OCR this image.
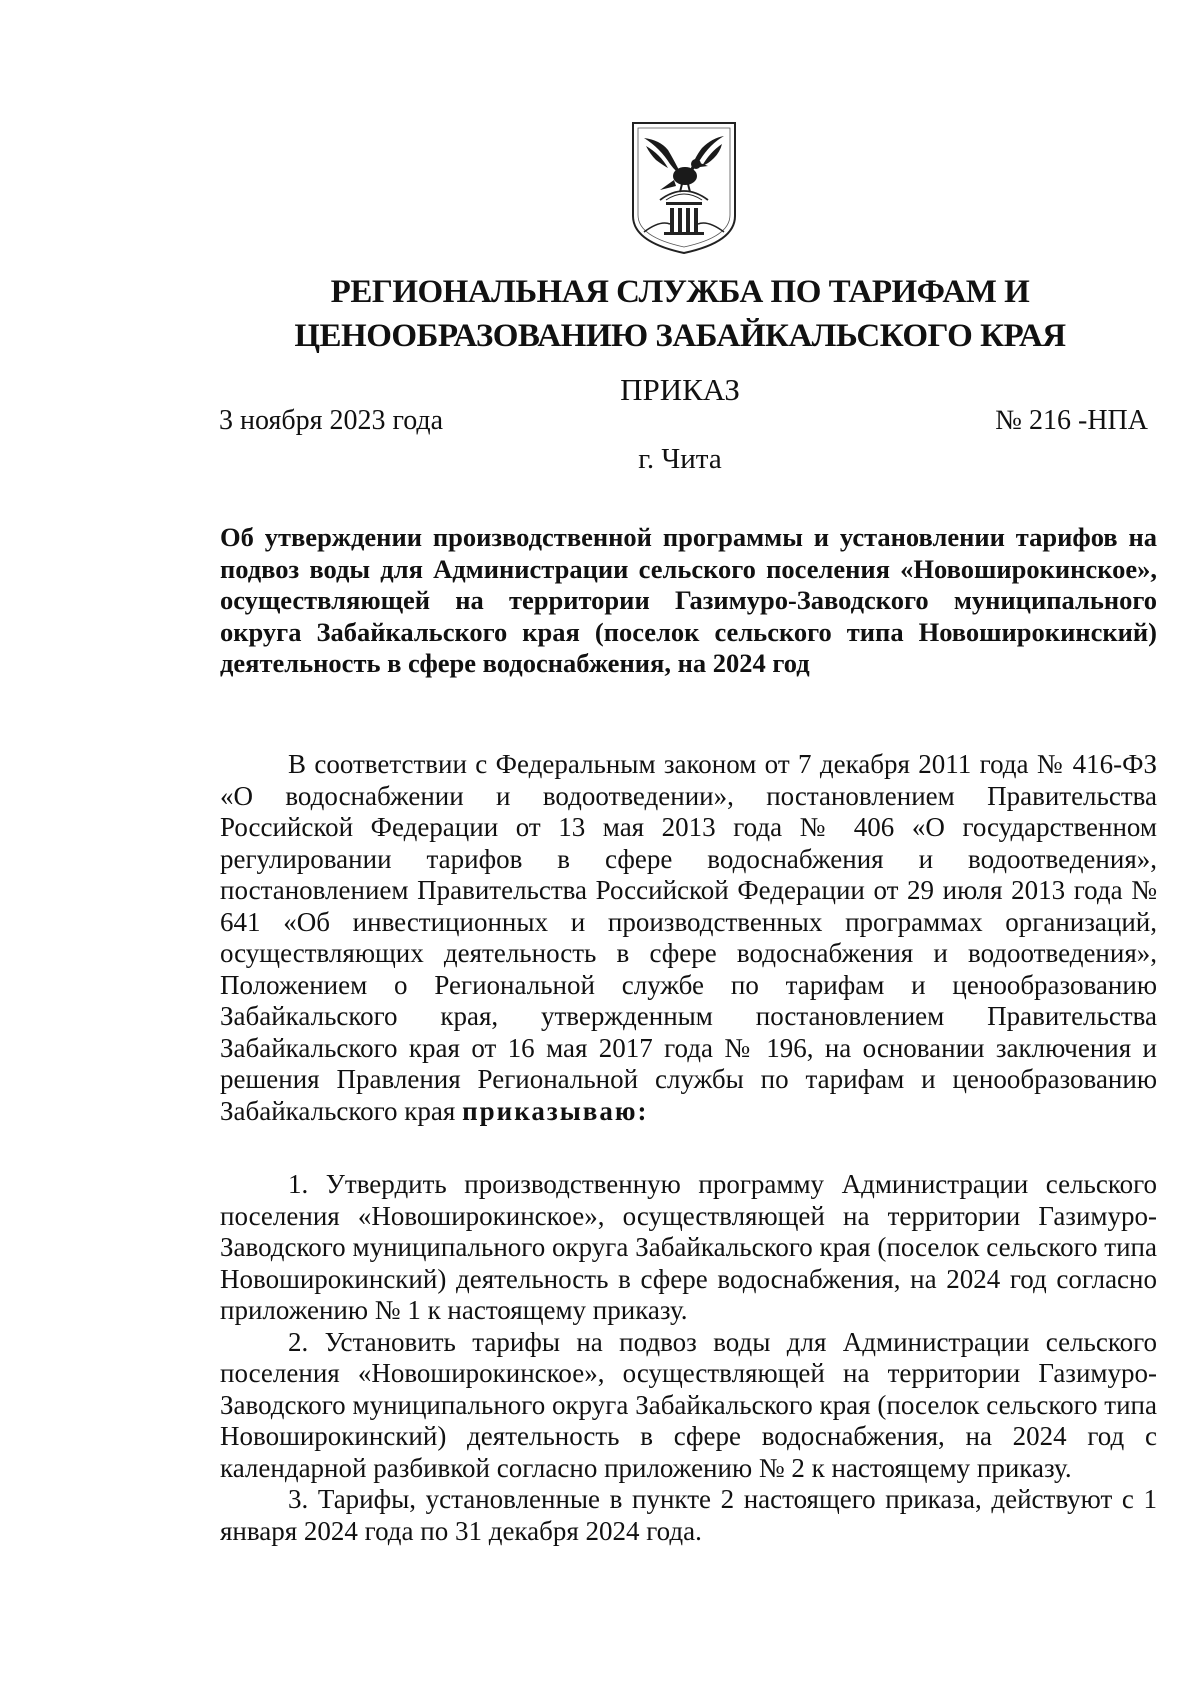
РЕГИОНАЛЬНАЯ СЛУЖБА ПО ТАРИФАМ И
ЦЕНООБРАЗОВАНИЮ ЗАБАЙКАЛЬСКОГО КРАЯ
ПРИКАЗ
3 ноября 2023 года	№ 216 -НПА
г. Чита
Об утверждении производственной программы и установлении тарифов на подвоз воды для Администрации сельского поселения «Новоширокинское», осуществляющей на территории Газимуро-Заводского муниципального округа Забайкальского края (поселок сельского типа Новоширокинский) деятельность в сфере водоснабжения, на 2024 год

В соответствии с Федеральным законом от 7 декабря 2011 года № 416-ФЗ «О водоснабжении и водоотведении», постановлением Правительства Российской Федерации от 13 мая 2013 года № 406 «О государственном регулировании тарифов в сфере водоснабжения и водоотведения», постановлением Правительства Российской Федерации от 29 июля 2013 года № 641 «Об инвестиционных и производственных программах организаций, осуществляющих деятельность в сфере водоснабжения и водоотведения», Положением о Региональной службе по тарифам и ценообразованию Забайкальского края, утвержденным постановлением Правительства Забайкальского края от 16 мая 2017 года № 196, на основании заключения и решения Правления Региональной службы по тарифам и ценообразованию Забайкальского края приказываю:

1. Утвердить производственную программу Администрации сельского поселения «Новоширокинское», осуществляющей на территории Газимуро-Заводского муниципального округа Забайкальского края (поселок сельского типа Новоширокинский) деятельность в сфере водоснабжения, на 2024 год согласно приложению № 1 к настоящему приказу.

2. Установить тарифы на подвоз воды для Администрации сельского поселения «Новоширокинское», осуществляющей на территории Газимуро-Заводского муниципального округа Забайкальского края (поселок сельского типа Новоширокинский) деятельность в сфере водоснабжения, на 2024 год с календарной разбивкой согласно приложению № 2 к настоящему приказу.

3. Тарифы, установленные в пункте 2 настоящего приказа, действуют с 1 января 2024 года по 31 декабря 2024 года.
